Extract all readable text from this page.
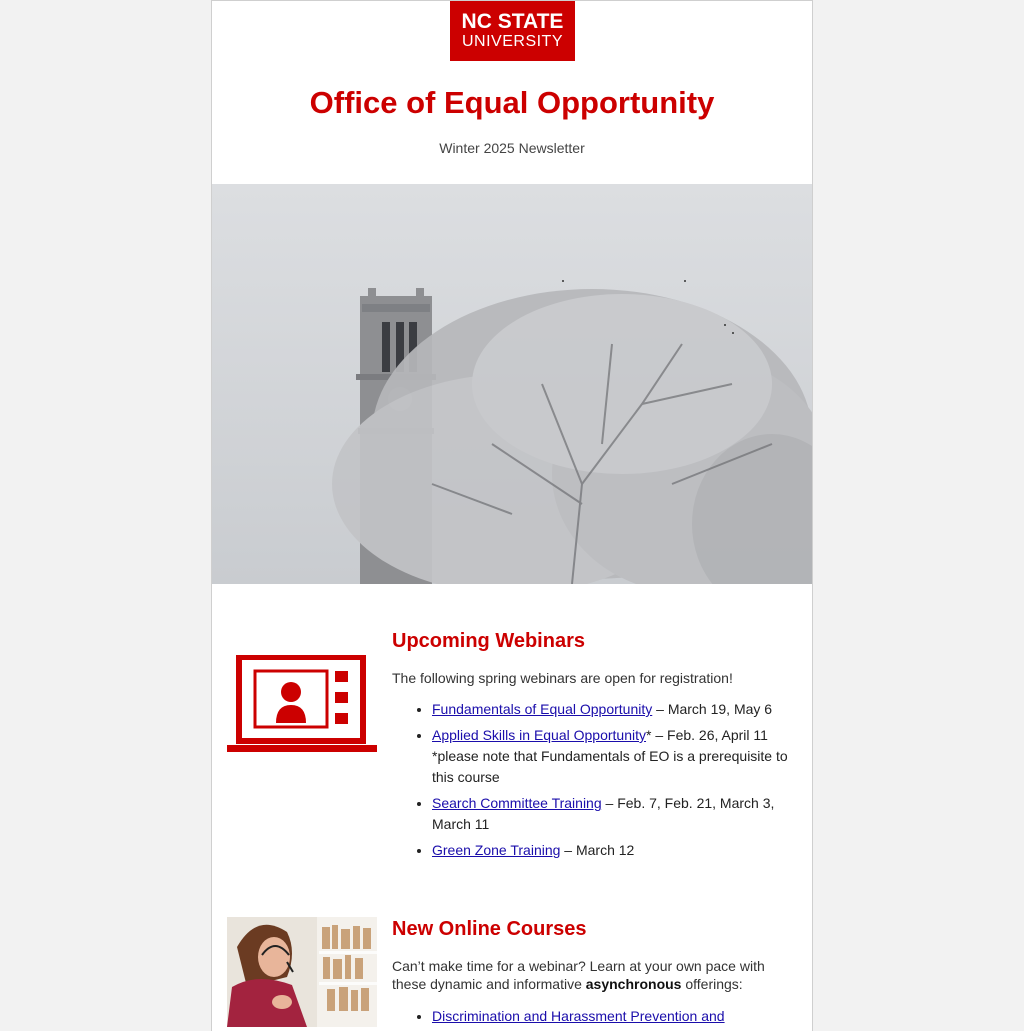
NC STATE
UNIVERSITY
Office of Equal Opportunity
Winter 2025 Newsletter
Upcoming Webinars
The following spring webinars are open for registration!
• Fundamentals of Equal Opportunity – March 19, May 6
• Applied Skills in Equal Opportunity* – Feb. 26, April 11 *please note that Fundamentals of EO is a prerequisite to this course
• Search Committee Training – Feb. 7, Feb. 21, March 3, March 11
• Green Zone Training – March 12
New Online Courses
Can’t make time for a webinar? Learn at your own pace with these dynamic and informative asynchronous offerings:
• Discrimination and Harassment Prevention and
